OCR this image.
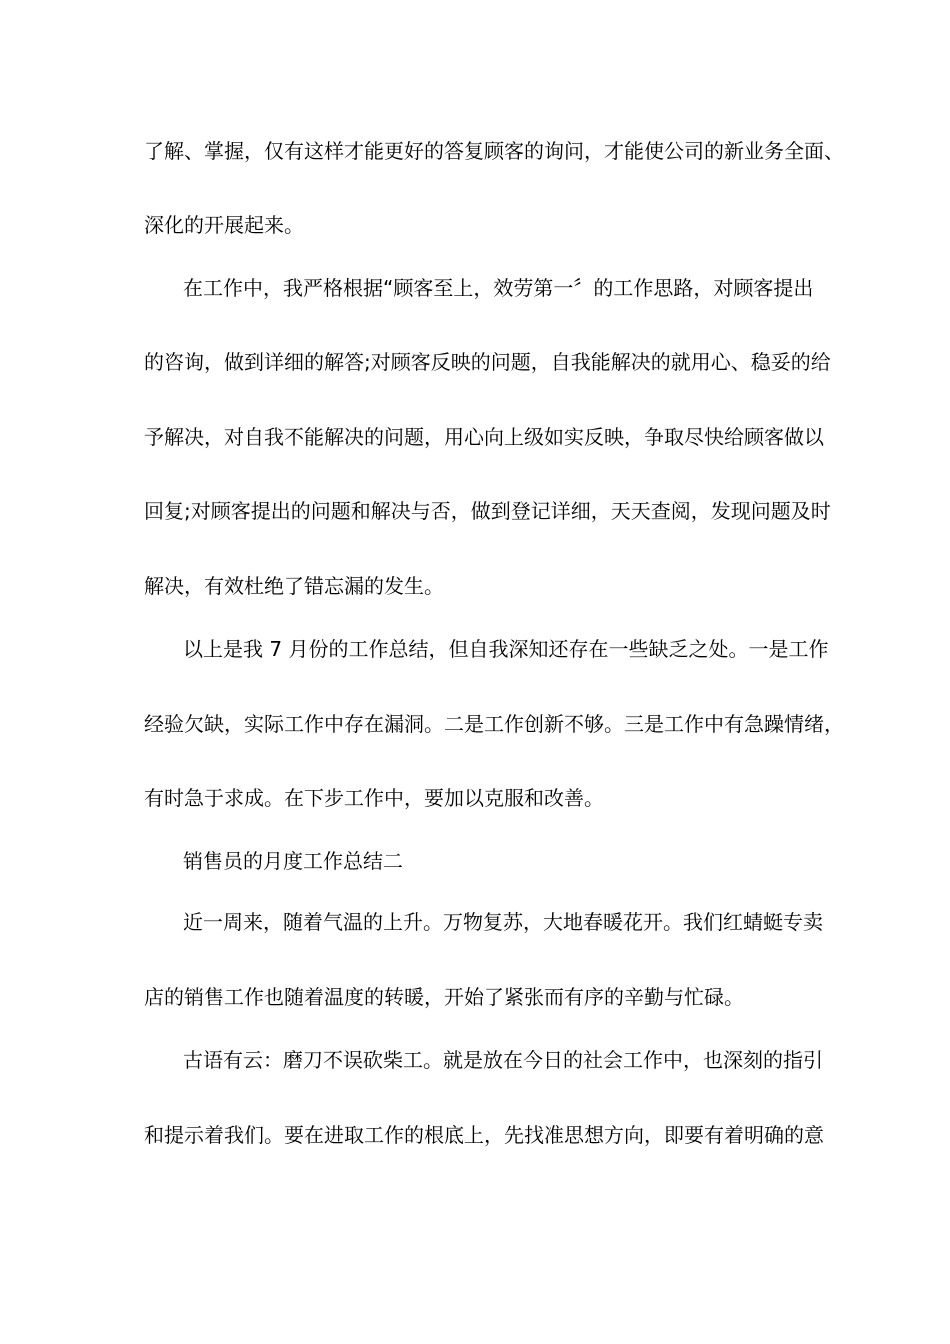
了解、掌握，仅有这样才能更好的答复顾客的询问，才能使公司的新业务全面、
深化的开展起来。
在工作中，我严格根据“顾客至上，效劳第一〞的工作思路，对顾客提出
的咨询，做到详细的解答;对顾客反映的问题，自我能解决的就用心、稳妥的给
予解决，对自我不能解决的问题，用心向上级如实反映，争取尽快给顾客做以
回复;对顾客提出的问题和解决与否，做到登记详细，天天查阅，发现问题及时
解决，有效杜绝了错忘漏的发生。
以上是我 7 月份的工作总结，但自我深知还存在一些缺乏之处。一是工作
经验欠缺，实际工作中存在漏洞。二是工作创新不够。三是工作中有急躁情绪，
有时急于求成。在下步工作中，要加以克服和改善。
销售员的月度工作总结二
近一周来，随着气温的上升。万物复苏，大地春暖花开。我们红蜻蜓专卖
店的销售工作也随着温度的转暖，开始了紧张而有序的辛勤与忙碌。
古语有云：磨刀不误砍柴工。就是放在今日的社会工作中，也深刻的指引
和提示着我们。要在进取工作的根底上，先找准思想方向，即要有着明确的意
